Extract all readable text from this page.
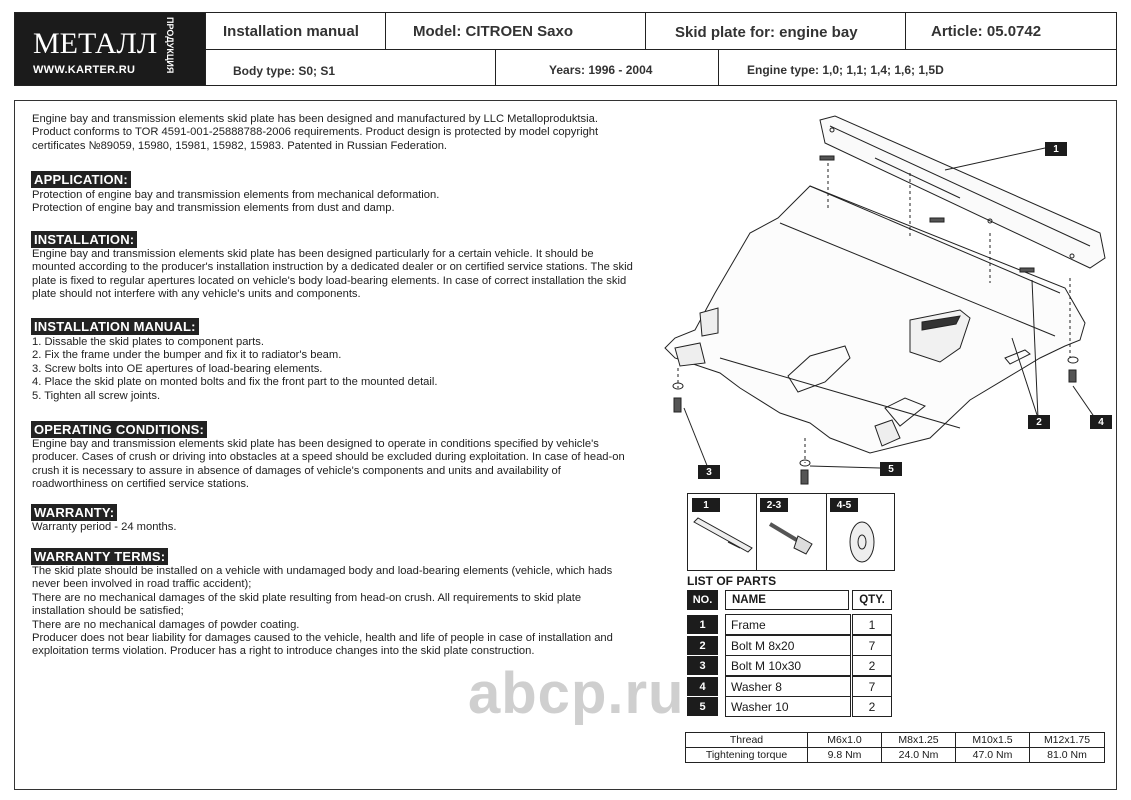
МЕТАЛЛ ПРОДУКЦИЯ
WWW.KARTER.RU
Installation manual	Model: CITROEN Saxo	Skid plate for: engine bay	Article: 05.0742
Body type: S0; S1	Years: 1996 - 2004	Engine type: 1,0; 1,1; 1,4; 1,6; 1,5D
Engine bay and transmission elements skid plate has been designed and manufactured by LLC Metalloproduktsia.
Product conforms to TOR 4591-001-25888788-2006 requirements. Product design is protected by model copyright
certificates №89059, 15980, 15981, 15982, 15983. Patented in Russian Federation.
APPLICATION:
Protection of engine bay and transmission elements from mechanical deformation.
Protection of engine bay and transmission elements from dust and damp.
INSTALLATION:
Engine bay and transmission elements skid plate has been designed particularly for a certain vehicle. It should be
mounted according to the producer's installation instruction by a dedicated dealer or on certified service stations. The skid
plate is fixed to regular apertures located on vehicle's body load-bearing elements. In case of correct installation the skid
plate should not interfere with any vehicle's units and components.
INSTALLATION MANUAL:
1. Dissable the skid plates to component parts.
2. Fix the frame under the bumper and fix it to radiator's beam.
3. Screw bolts into OE apertures of load-bearing elements.
4. Place the skid plate on monted bolts and fix the front part to the mounted detail.
5. Tighten all screw joints.
OPERATING CONDITIONS:
Engine bay and transmission elements skid plate has been designed to operate in conditions specified by vehicle's
producer. Cases of crush or driving into obstacles at a speed should be excluded during exploitation. In case of head-on
crush it is necessary to assure in absence of damages of vehicle's components and units and availability of
roadworthiness on certified service stations.
WARRANTY:
Warranty period - 24 months.
WARRANTY TERMS:
The skid plate should be installed on a vehicle with undamaged body and load-bearing elements (vehicle, which hads
never been involved in road traffic accident);
There are no mechanical damages of the skid plate resulting from head-on crush. All requirements to skid plate
installation should be satisfied;
There are no mechanical damages of powder coating.
Producer does not bear liability for damages caused to the vehicle, health and life of people in case of installation and
exploitation terms violation. Producer has a right to introduce changes into the skid plate construction.
1
2
3
4
5
1	2-3	4-5
LIST OF PARTS
NO.	NAME	QTY.
1	Frame	1
2	Bolt M 8x20	7
3	Bolt M 10x30	2
4	Washer 8	7
5	Washer 10	2
abcp.ru
Thread	M6x1.0	M8x1.25	M10x1.5	M12x1.75
Tightening torque	9.8 Nm	24.0 Nm	47.0 Nm	81.0 Nm
